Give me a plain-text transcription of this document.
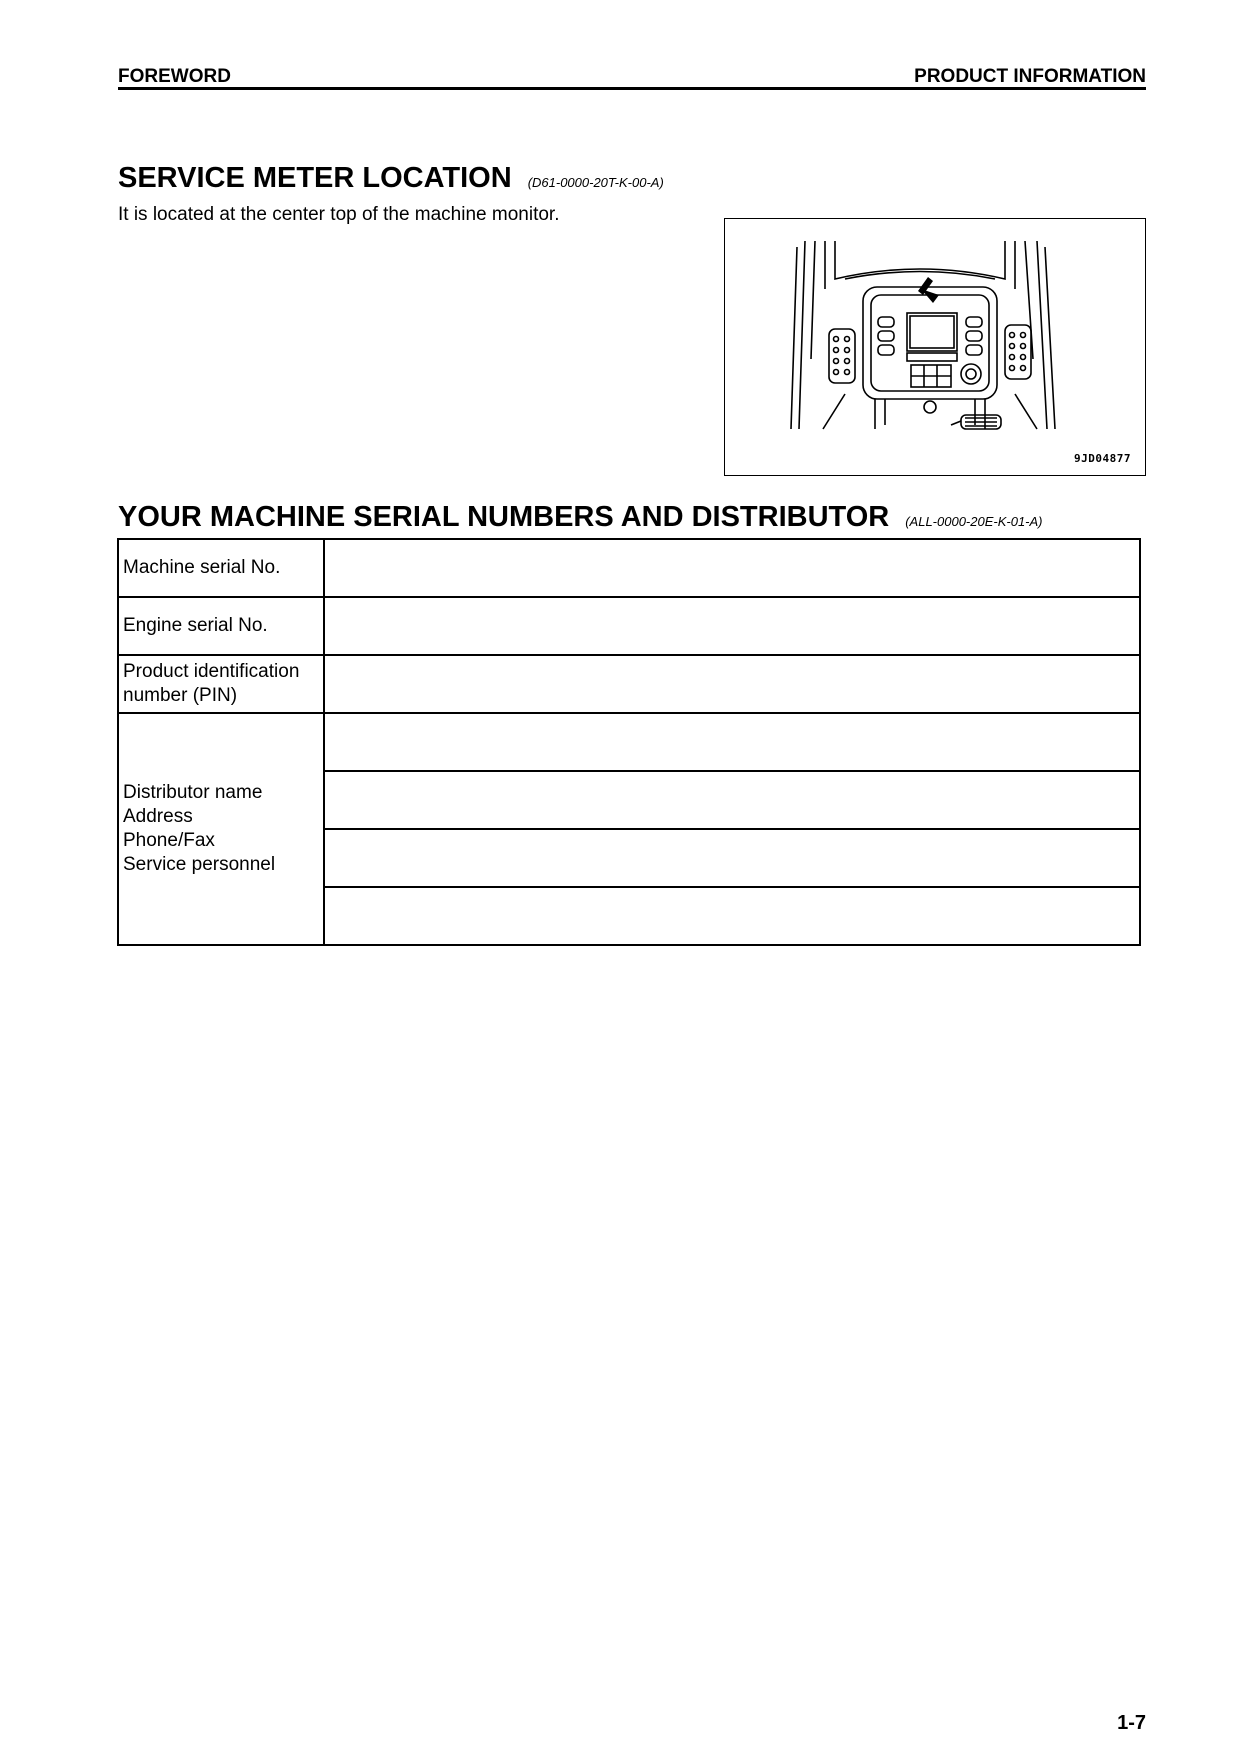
FOREWORD	PRODUCT INFORMATION
SERVICE METER LOCATION (D61-0000-20T-K-00-A)
It is located at the center top of the machine monitor.
9JD04877
YOUR MACHINE SERIAL NUMBERS AND DISTRIBUTOR (ALL-0000-20E-K-01-A)
Machine serial No.	
Engine serial No.	

Product identification
number (PIN)	

Distributor name
Address
Phone/Fax
Service personnel	

1-7
